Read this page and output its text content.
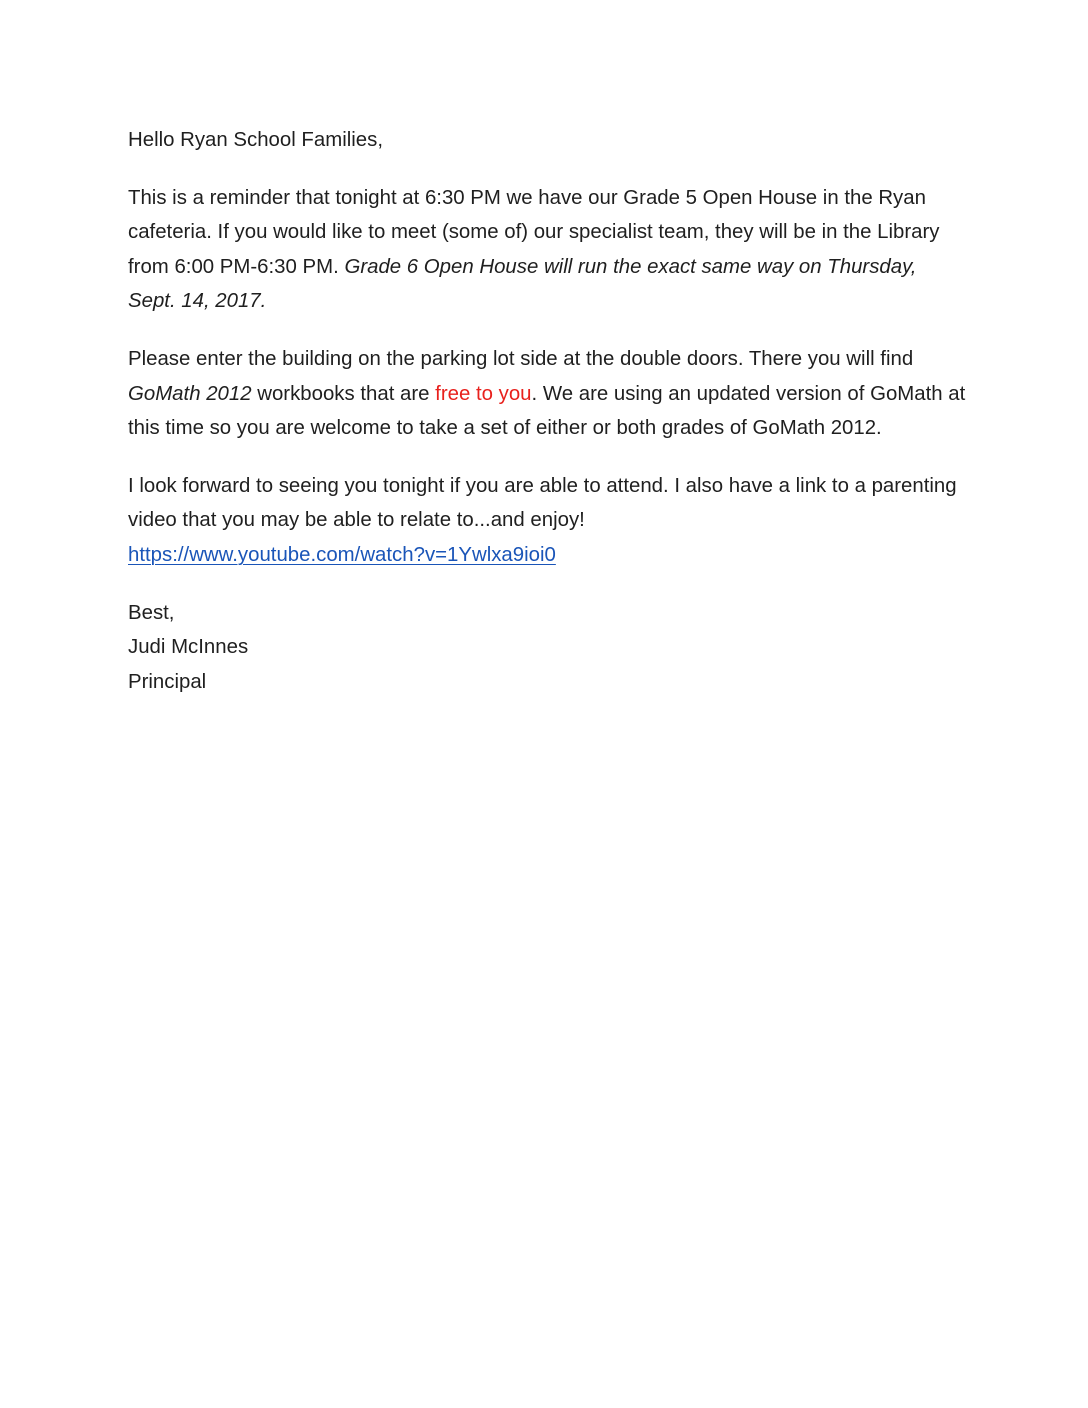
Hello Ryan School Families,

This is a reminder that tonight at 6:30 PM we have our Grade 5 Open House in the Ryan cafeteria. If you would like to meet (some of) our specialist team, they will be in the Library from 6:00 PM-6:30 PM. Grade 6 Open House will run the exact same way on Thursday, Sept. 14, 2017.

Please enter the building on the parking lot side at the double doors. There you will find GoMath 2012 workbooks that are free to you. We are using an updated version of GoMath at this time so you are welcome to take a set of either or both grades of GoMath 2012.

I look forward to seeing you tonight if you are able to attend. I also have a link to a parenting video that you may be able to relate to...and enjoy!
https://www.youtube.com/watch?v=1Ywlxa9ioi0

Best,

Judi McInnes

Principal
